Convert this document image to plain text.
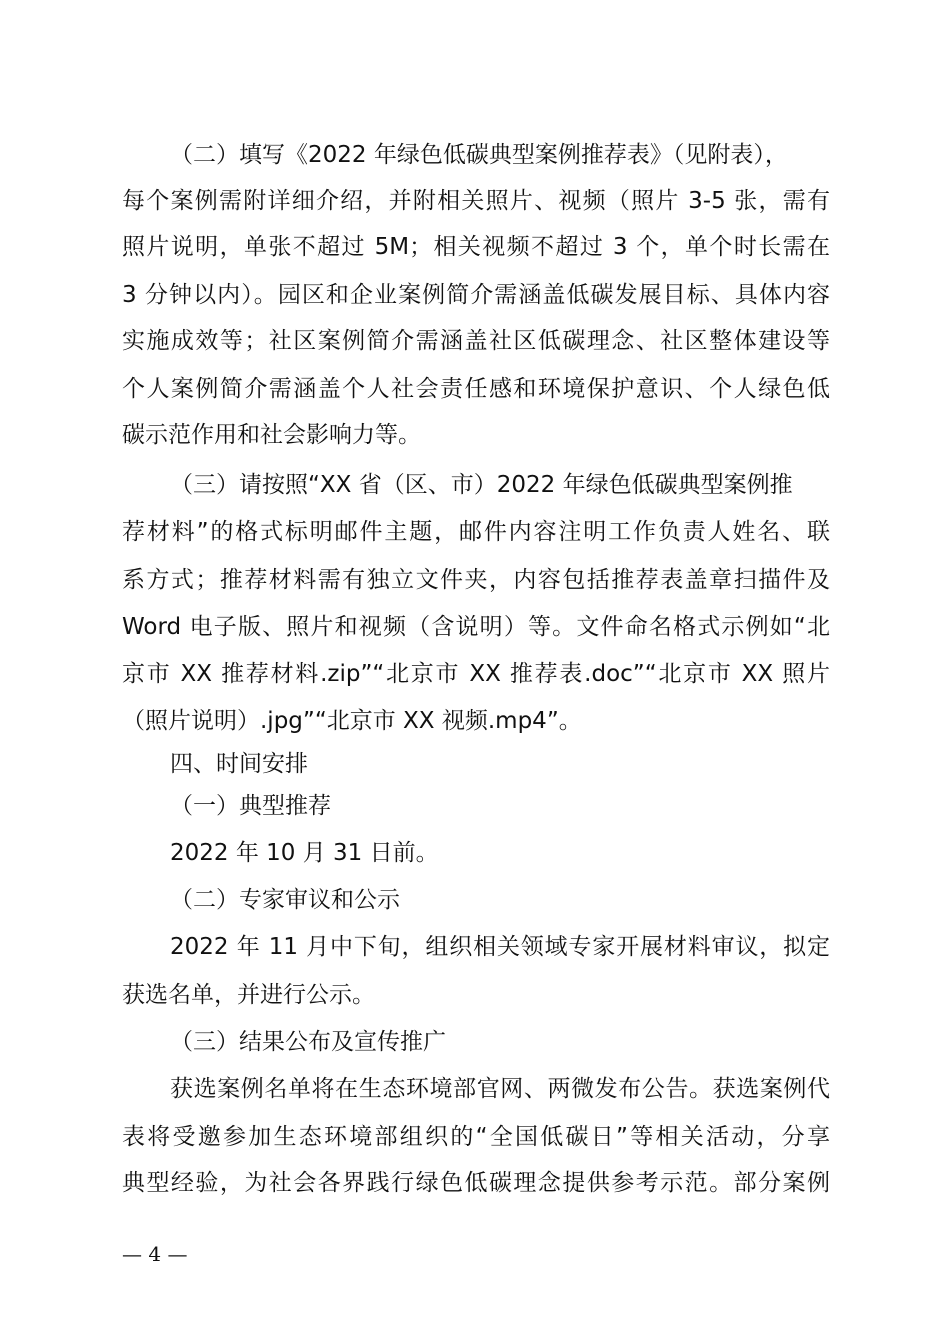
（二）填写《2022 年绿色低碳典型案例推荐表》（见附表），
每个案例需附详细介绍，并附相关照片、视频（照片 3-5 张，需有
照片说明，单张不超过 5M；相关视频不超过 3 个，单个时长需在
3 分钟以内）。园区和企业案例简介需涵盖低碳发展目标、具体内容
实施成效等；社区案例简介需涵盖社区低碳理念、社区整体建设等
个人案例简介需涵盖个人社会责任感和环境保护意识、个人绿色低
碳示范作用和社会影响力等。
（三）请按照“XX 省（区、市）2022 年绿色低碳典型案例推
荐材料”的格式标明邮件主题，邮件内容注明工作负责人姓名、联
系方式；推荐材料需有独立文件夹，内容包括推荐表盖章扫描件及
Word 电子版、照片和视频（含说明）等。文件命名格式示例如“北
京市 XX 推荐材料.zip”“北京市 XX 推荐表.doc”“北京市 XX 照片
（照片说明）.jpg”“北京市 XX 视频.mp4”。
四、时间安排
（一）典型推荐
2022 年 10 月 31 日前。
（二）专家审议和公示
2022 年 11 月中下旬，组织相关领域专家开展材料审议，拟定
获选名单，并进行公示。
（三）结果公布及宣传推广
获选案例名单将在生态环境部官网、两微发布公告。获选案例代
表将受邀参加生态环境部组织的“全国低碳日”等相关活动，分享
典型经验，为社会各界践行绿色低碳理念提供参考示范。部分案例
— 4 —
